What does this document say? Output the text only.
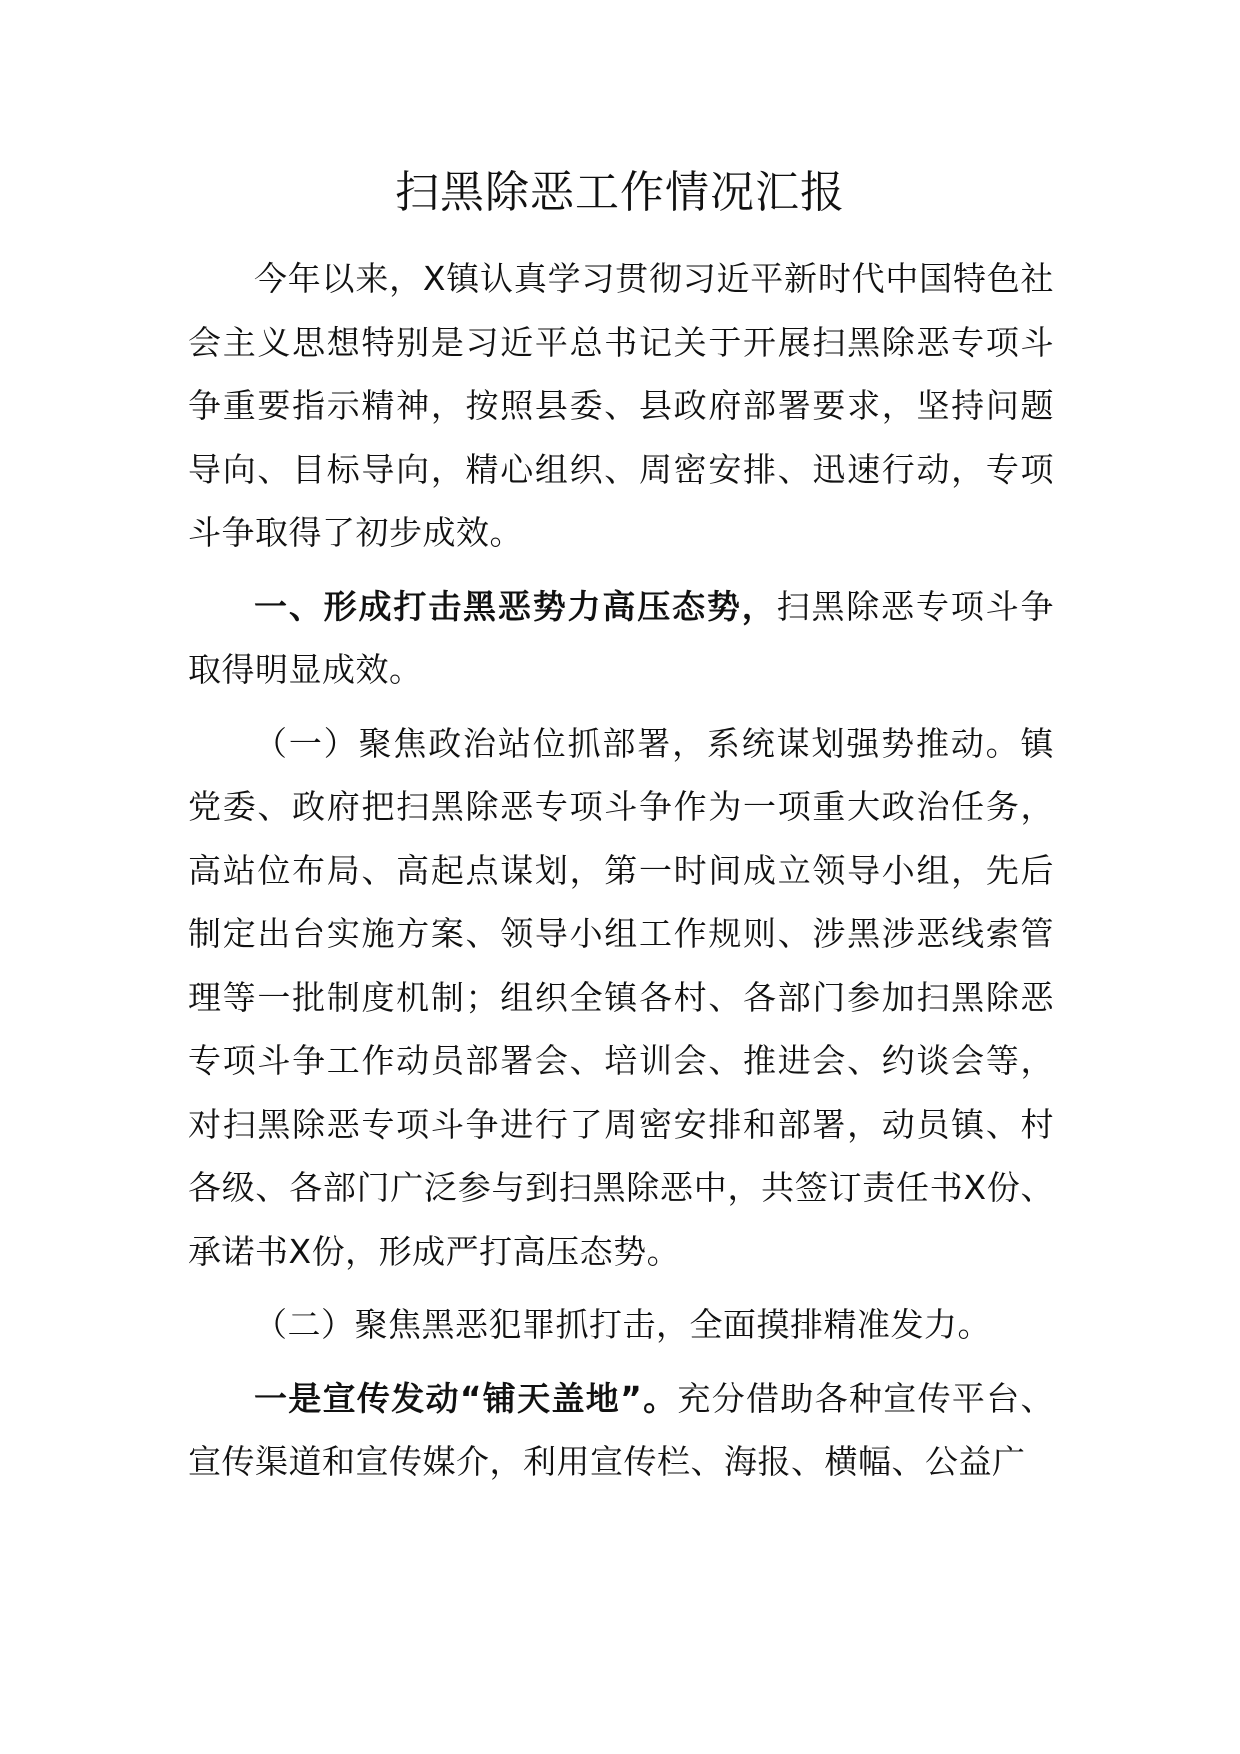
扫黑除恶工作情况汇报

今年以来，X镇认真学习贯彻习近平新时代中国特色社会主义思想特别是习近平总书记关于开展扫黑除恶专项斗争重要指示精神，按照县委、县政府部署要求，坚持问题导向、目标导向，精心组织、周密安排、迅速行动，专项斗争取得了初步成效。

一、形成打击黑恶势力高压态势，扫黑除恶专项斗争取得明显成效。

（一）聚焦政治站位抓部署，系统谋划强势推动。镇党委、政府把扫黑除恶专项斗争作为一项重大政治任务，高站位布局、高起点谋划，第一时间成立领导小组，先后制定出台实施方案、领导小组工作规则、涉黑涉恶线索管理等一批制度机制；组织全镇各村、各部门参加扫黑除恶专项斗争工作动员部署会、培训会、推进会、约谈会等，对扫黑除恶专项斗争进行了周密安排和部署，动员镇、村各级、各部门广泛参与到扫黑除恶中，共签订责任书X份、承诺书X份，形成严打高压态势。

（二）聚焦黑恶犯罪抓打击，全面摸排精准发力。

一是宣传发动“铺天盖地”。充分借助各种宣传平台、宣传渠道和宣传媒介，利用宣传栏、海报、横幅、公益广
